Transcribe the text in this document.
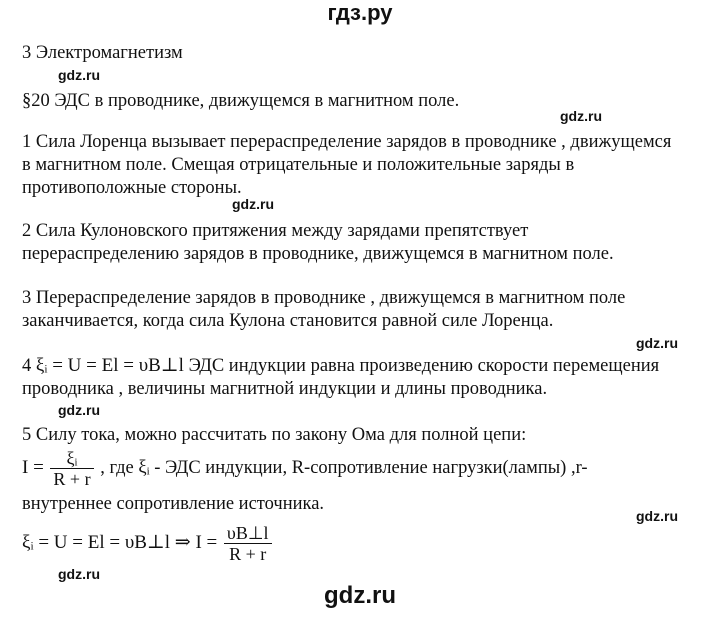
гдз.ру
3 Электромагнетизм
gdz.ru
§20 ЭДС в проводнике, движущемся в магнитном поле.
gdz.ru
1 Сила Лоренца вызывает перераспределение зарядов в проводнике , движущемся
в магнитном поле. Смещая отрицательные и положительные заряды в
противоположные стороны.
gdz.ru
2 Сила Кулоновского притяжения между зарядами препятствует
перераспределению зарядов в проводнике, движущемся в магнитном поле.
3 Перераспределение зарядов в проводнике , движущемся в магнитном поле
заканчивается, когда сила Кулона становится равной силе Лоренца.
gdz.ru
4 ξᵢ = U = El = υB⊥l ЭДС индукции равна произведению скорости перемещения
проводника , величины магнитной индукции и длины проводника.
gdz.ru
5 Силу тока, можно рассчитать по закону Ома для полной цепи:
$I = \frac{\text{ξᵢ}}{R + r}$ , где ξᵢ - ЭДС индукции, R-сопротивление нагрузки(лампы) ,r-
внутреннее сопротивление источника.
gdz.ru
ξᵢ = U = El = υB⊥l ⇒ $I = \frac{\upsilon B\perp l}{R + r}$
gdz.ru
gdz.ru
